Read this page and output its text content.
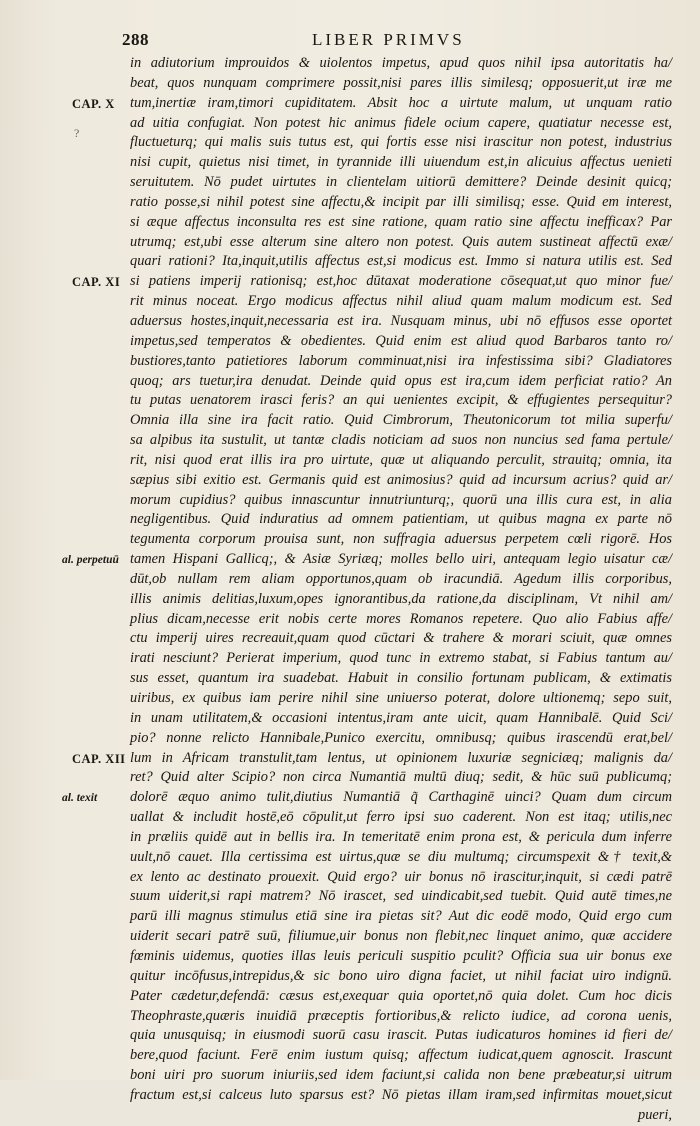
288	LIBER PRIMVS
CAP. X
CAP. XI
al. perpetuū
CAP. XII
al. texit
?
in adiutorium improuidos & uiolentos impetus, apud quos nihil ipsa autoritatis ha/
beat, quos nunquam comprimere possit,nisi pares illis similesq; opposuerit,ut iræ me
tum,inertiæ iram,timori cupiditatem. Absit hoc a uirtute malum, ut unquam ratio
ad uitia confugiat. Non potest hic animus fidele ocium capere, quatiatur necesse est,
fluctueturq; qui malis suis tutus est, qui fortis esse nisi irascitur non potest, industrius
nisi cupit, quietus nisi timet, in tyrannide illi uiuendum est,in alicuius affectus uenieti
seruitutem. Nō pudet uirtutes in clientelam uitiorū demittere? Deinde desinit quicq;
ratio posse,si nihil potest sine affectu,& incipit par illi similisq; esse. Quid em interest,
si æque affectus inconsulta res est sine ratione, quam ratio sine affectu inefficax? Par
utrumq; est,ubi esse alterum sine altero non potest. Quis autem sustineat affectū exæ/
quari rationi? Ita,inquit,utilis affectus est,si modicus est. Immo si natura utilis est. Sed
si patiens imperij rationisq; est,hoc dūtaxat moderatione cōsequat,ut quo minor fue/
rit minus noceat. Ergo modicus affectus nihil aliud quam malum modicum est. Sed
aduersus hostes,inquit,necessaria est ira. Nusquam minus, ubi nō effusos esse oportet
impetus,sed temperatos & obedientes. Quid enim est aliud quod Barbaros tanto ro/
bustiores,tanto patietiores laborum comminuat,nisi ira infestissima sibi? Gladiatores
quoq; ars tuetur,ira denudat. Deinde quid opus est ira,cum idem perficiat ratio? An
tu putas uenatorem irasci feris? an qui uenientes excipit, & effugientes persequitur?
Omnia illa sine ira facit ratio. Quid Cimbrorum, Theutonicorum tot milia superfu/
sa alpibus ita sustulit, ut tantæ cladis noticiam ad suos non nuncius sed fama pertule/
rit, nisi quod erat illis ira pro uirtute, quæ ut aliquando perculit, strauitq; omnia, ita
sæpius sibi exitio est. Germanis quid est animosius? quid ad incursum acrius? quid ar/
morum cupidius? quibus innascuntur innutriunturq;, quorū una illis cura est, in alia
negligentibus. Quid induratius ad omnem patientiam, ut quibus magna ex parte nō
tegumenta corporum prouisa sunt, non suffragia aduersus perpetem cœli rigorē. Hos
tamen Hispani Gallicq;, & Asiæ Syriæq; molles bello uiri, antequam legio uisatur cæ/
dūt,ob nullam rem aliam opportunos,quam ob iracundiā. Agedum illis corporibus,
illis animis delitias,luxum,opes ignorantibus,da ratione,da disciplinam, Vt nihil am/
plius dicam,necesse erit nobis certe mores Romanos repetere. Quo alio Fabius affe/
ctu imperij uires recreauit,quam quod cūctari & trahere & morari sciuit, quæ omnes
irati nesciunt? Perierat imperium, quod tunc in extremo stabat, si Fabius tantum au/
sus esset, quantum ira suadebat. Habuit in consilio fortunam publicam, & extimatis
uiribus, ex quibus iam perire nihil sine uniuerso poterat, dolore ultionemq; sepo suit,
in unam utilitatem,& occasioni intentus,iram ante uicit, quam Hannibalē. Quid Sci/
pio? nonne relicto Hannibale,Punico exercitu, omnibusq; quibus irascendū erat,bel/
lum in Africam transtulit,tam lentus, ut opinionem luxuriæ segniciæq; malignis da/
ret? Quid alter Scipio? non circa Numantiā multū diuq; sedit, & hūc suū publicumq;
dolorē æquo animo tulit,diutius Numantiā q̃ Carthaginē uinci? Quam dum circum
uallat & includit hostē,eō cōpulit,ut ferro ipsi suo caderent. Non est itaq; utilis,nec
in præliis quidē aut in bellis ira. In temeritatē enim prona est, & pericula dum inferre
uult,nō cauet. Illa certissima est uirtus,quæ se diu multumq; circumspexit &† texit,&
ex lento ac destinato prouexit. Quid ergo? uir bonus nō irascitur,inquit, si cædi patrē
suum uiderit,si rapi matrem? Nō irascet, sed uindicabit,sed tuebit. Quid autē times,ne
parū illi magnus stimulus etiā sine ira pietas sit? Aut dic eodē modo, Quid ergo cum
uiderit secari patrē suū, filiumue,uir bonus non flebit,nec linquet animo, quæ accidere
fœminis uidemus, quoties illas leuis periculi suspitio pculit? Officia sua uir bonus exe
quitur incōfusus,intrepidus,& sic bono uiro digna faciet, ut nihil faciat uiro indignū.
Pater cædetur,defendā: cæsus est,exequar quia oportet,nō quia dolet. Cum hoc dicis
Theophraste,quæris inuidiā præceptis fortioribus,& relicto iudice, ad corona uenis,
quia unusquisq; in eiusmodi suorū casu irascit. Putas iudicaturos homines id fieri de/
bere,quod faciunt. Ferē enim iustum quisq; affectum iudicat,quem agnoscit. Irascunt
boni uiri pro suorum iniuriis,sed idem faciunt,si calida non bene præbeatur,si uitrum
fractum est,si calceus luto sparsus est? Nō pietas illam iram,sed infirmitas mouet,sicut
pueri,
